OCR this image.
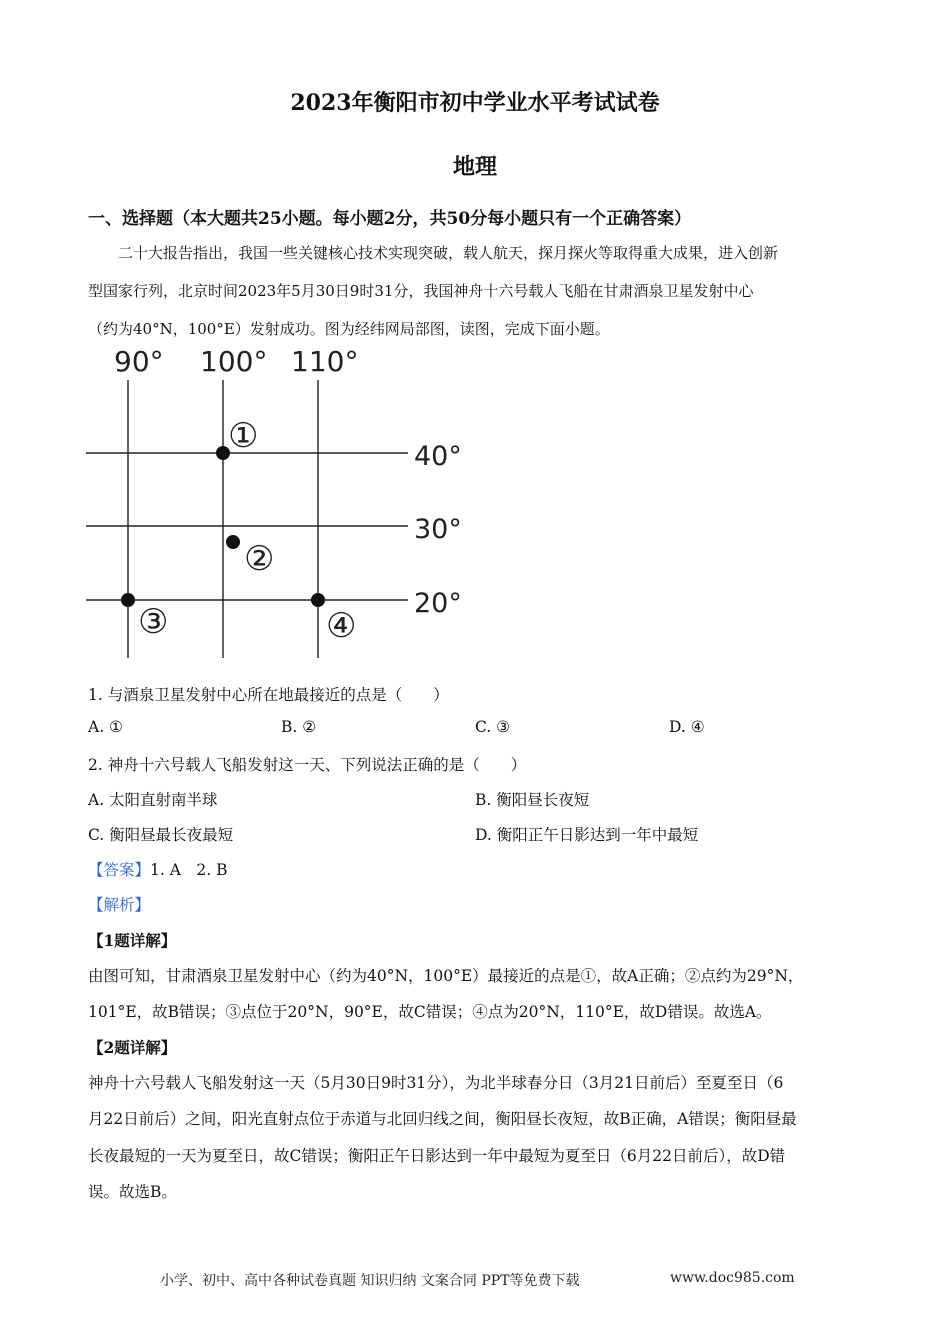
2023年衡阳市初中学业水平考试试卷
地理
一、选择题（本大题共25小题。每小题2分，共50分每小题只有一个正确答案）
二十大报告指出，我国一些关键核心技术实现突破，载人航天，探月探火等取得重大成果，进入创新
型国家行列，北京时间2023年5月30日9时31分，我国神舟十六号载人飞船在甘肃酒泉卫星发射中心
（约为40°N，100°E）发射成功。图为经纬网局部图，读图，完成下面小题。
90° 100° 110°
40°
30°
20°
①
②
③	④
1. 与酒泉卫星发射中心所在地最接近的点是（　　）
A. ①	B. ②	C. ③	D. ④
2. 神舟十六号载人飞船发射这一天、下列说法正确的是（　　）
A. 太阳直射南半球	B. 衡阳昼长夜短
C. 衡阳昼最长夜最短	D. 衡阳正午日影达到一年中最短
【答案】1. A　2. B
【解析】
【1题详解】
由图可知，甘肃酒泉卫星发射中心（约为40°N，100°E）最接近的点是①，故A正确；②点约为29°N，
101°E，故B错误；③点位于20°N，90°E，故C错误；④点为20°N，110°E，故D错误。故选A。
【2题详解】
神舟十六号载人飞船发射这一天（5月30日9时31分），为北半球春分日（3月21日前后）至夏至日（6
月22日前后）之间，阳光直射点位于赤道与北回归线之间，衡阳昼长夜短，故B正确，A错误；衡阳昼最
长夜最短的一天为夏至日，故C错误；衡阳正午日影达到一年中最短为夏至日（6月22日前后），故D错
误。故选B。
小学、初中、高中各种试卷真题 知识归纳 文案合同 PPT等免费下载	www.doc985.com
